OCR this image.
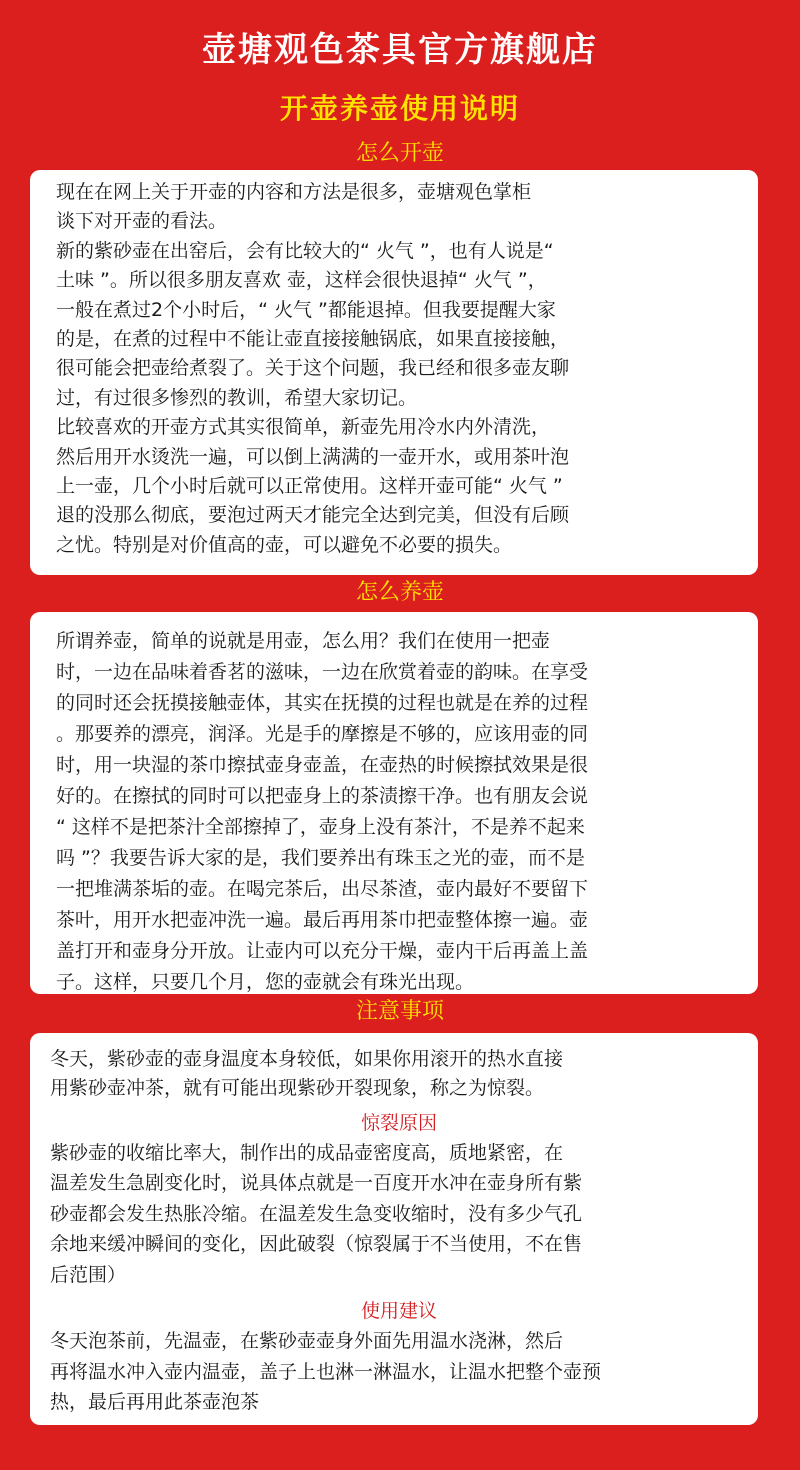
壶塘观色茶具官方旗舰店
开壶养壶使用说明
怎么开壶

现在在网上关于开壶的内容和方法是很多，壶塘观色掌柜
谈下对开壶的看法。
新的紫砂壶在出窑后，会有比较大的“ 火气 ”，也有人说是“
土味 ”。所以很多朋友喜欢 壶，这样会很快退掉“ 火气 ”，
一般在煮过2个小时后，“ 火气 ”都能退掉。但我要提醒大家
的是，在煮的过程中不能让壶直接接触锅底，如果直接接触，
很可能会把壶给煮裂了。关于这个问题，我已经和很多壶友聊
过，有过很多惨烈的教训，希望大家切记。
比较喜欢的开壶方式其实很简单，新壶先用冷水内外清洗，
然后用开水烫洗一遍，可以倒上满满的一壶开水，或用茶叶泡
上一壶，几个小时后就可以正常使用。这样开壶可能“ 火气 ”
退的没那么彻底，要泡过两天才能完全达到完美，但没有后顾
之忧。特别是对价值高的壶，可以避免不必要的损失。

怎么养壶

所谓养壶，简单的说就是用壶，怎么用？我们在使用一把壶
时，一边在品味着香茗的滋味，一边在欣赏着壶的韵味。在享受
的同时还会抚摸接触壶体，其实在抚摸的过程也就是在养的过程
。那要养的漂亮，润泽。光是手的摩擦是不够的，应该用壶的同
时，用一块湿的茶巾擦拭壶身壶盖，在壶热的时候擦拭效果是很
好的。在擦拭的同时可以把壶身上的茶渍擦干净。也有朋友会说
“ 这样不是把茶汁全部擦掉了，壶身上没有茶汁，不是养不起来
吗 ”？我要告诉大家的是，我们要养出有珠玉之光的壶，而不是
一把堆满茶垢的壶。在喝完茶后，出尽茶渣，壶内最好不要留下
茶叶，用开水把壶冲洗一遍。最后再用茶巾把壶整体擦一遍。壶
盖打开和壶身分开放。让壶内可以充分干燥，壶内干后再盖上盖
子。这样，只要几个月，您的壶就会有珠光出现。

注意事项

冬天，紫砂壶的壶身温度本身较低，如果你用滚开的热水直接
用紫砂壶冲茶，就有可能出现紫砂开裂现象，称之为惊裂。

惊裂原因

紫砂壶的收缩比率大，制作出的成品壶密度高，质地紧密，在
温差发生急剧变化时，说具体点就是一百度开水冲在壶身所有紫
砂壶都会发生热胀冷缩。在温差发生急变收缩时，没有多少气孔
余地来缓冲瞬间的变化，因此破裂（惊裂属于不当使用，不在售
后范围）

使用建议

冬天泡茶前，先温壶，在紫砂壶壶身外面先用温水浇淋，然后
再将温水冲入壶内温壶，盖子上也淋一淋温水，让温水把整个壶预
热，最后再用此茶壶泡茶
